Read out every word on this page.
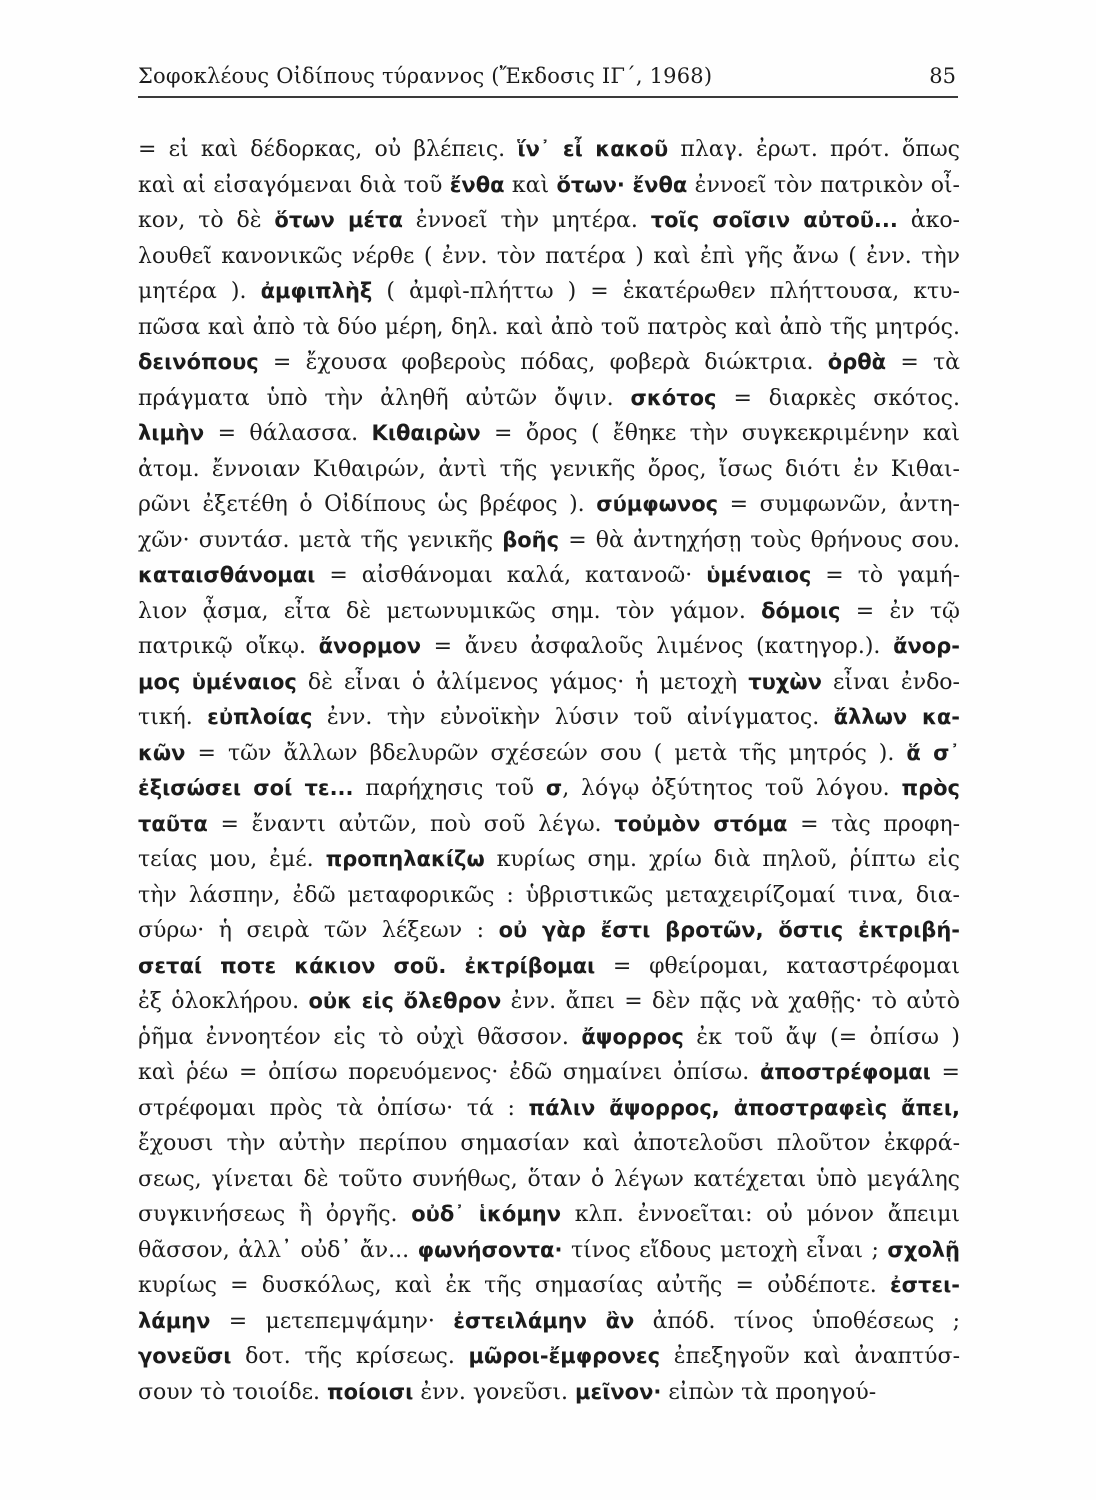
Σοφοκλέους Οἰδίπους τύραννος (Ἔκδοσις ΙΓ΄, 1968)	85
= εἰ καὶ δέδορκας, οὐ βλέπεις. ἵν᾽ εἶ κακοῦ πλαγ. ἐρωτ. πρότ. ὅπως
καὶ αἱ εἰσαγόμεναι διὰ τοῦ ἔνθα καὶ ὅτων· ἔνθα ἐννοεῖ τὸν πατρικὸν οἶ-
κον, τὸ δὲ ὅτων μέτα ἐννοεῖ τὴν μητέρα. τοῖς σοῖσιν αὐτοῦ... ἀκο-
λουθεῖ κανονικῶς νέρθε ( ἐνν. τὸν πατέρα ) καὶ ἐπὶ γῆς ἄνω ( ἐνν. τὴν
μητέρα ). ἀμφιπλὴξ ( ἀμφὶ-πλήττω ) = ἑκατέρωθεν πλήττουσα, κτυ-
πῶσα καὶ ἀπὸ τὰ δύο μέρη, δηλ. καὶ ἀπὸ τοῦ πατρὸς καὶ ἀπὸ τῆς μητρός.
δεινόπους = ἔχουσα φοβεροὺς πόδας, φοβερὰ διώκτρια. ὀρθὰ = τὰ
πράγματα ὑπὸ τὴν ἀληθῆ αὐτῶν ὄψιν. σκότος = διαρκὲς σκότος.
λιμὴν = θάλασσα. Κιθαιρὼν = ὄρος ( ἔθηκε τὴν συγκεκριμένην καὶ
ἀτομ. ἔννοιαν Κιθαιρών, ἀντὶ τῆς γενικῆς ὄρος, ἴσως διότι ἐν Κιθαι-
ρῶνι ἐξετέθη ὁ Οἰδίπους ὡς βρέφος ). σύμφωνος = συμφωνῶν, ἀντη-
χῶν· συντάσ. μετὰ τῆς γενικῆς βοῆς = θὰ ἀντηχήσῃ τοὺς θρήνους σου.
καταισθάνομαι = αἰσθάνομαι καλά, κατανοῶ· ὑμέναιος = τὸ γαμή-
λιον ᾆσμα, εἶτα δὲ μετωνυμικῶς σημ. τὸν γάμον. δόμοις = ἐν τῷ
πατρικῷ οἴκῳ. ἄνορμον = ἄνευ ἀσφαλοῦς λιμένος (κατηγορ.). ἄνορ-
μος ὑμέναιος δὲ εἶναι ὁ ἀλίμενος γάμος· ἡ μετοχὴ τυχὼν εἶναι ἐνδο-
τική. εὐπλοίας ἐνν. τὴν εὐνοϊκὴν λύσιν τοῦ αἰνίγματος. ἄλλων κα-
κῶν = τῶν ἄλλων βδελυρῶν σχέσεών σου ( μετὰ τῆς μητρός ). ἅ σ᾽
ἐξισώσει σοί τε... παρήχησις τοῦ σ, λόγῳ ὀξύτητος τοῦ λόγου. πρὸς
ταῦτα = ἔναντι αὐτῶν, ποὺ σοῦ λέγω. τοὐμὸν στόμα = τὰς προφη-
τείας μου, ἐμέ. προπηλακίζω κυρίως σημ. χρίω διὰ πηλοῦ, ῥίπτω εἰς
τὴν λάσπην, ἐδῶ μεταφορικῶς : ὑβριστικῶς μεταχειρίζομαί τινα, δια-
σύρω· ἡ σειρὰ τῶν λέξεων : οὐ γὰρ ἔστι βροτῶν, ὅστις ἐκτριβή-
σεταί ποτε κάκιον σοῦ. ἐκτρίβομαι = φθείρομαι, καταστρέφομαι
ἐξ ὁλοκλήρου. οὐκ εἰς ὄλεθρον ἐνν. ἄπει = δὲν πᾷς νὰ χαθῇς· τὸ αὐτὸ
ῥῆμα ἐννοητέον εἰς τὸ οὐχὶ θᾶσσον. ἄψορρος ἐκ τοῦ ἄψ (= ὀπίσω )
καὶ ῥέω = ὀπίσω πορευόμενος· ἐδῶ σημαίνει ὀπίσω. ἀποστρέφομαι =
στρέφομαι πρὸς τὰ ὀπίσω· τά : πάλιν ἄψορρος, ἀποστραφεὶς ἄπει,
ἔχουσι τὴν αὐτὴν περίπου σημασίαν καὶ ἀποτελοῦσι πλοῦτον ἐκφρά-
σεως, γίνεται δὲ τοῦτο συνήθως, ὅταν ὁ λέγων κατέχεται ὑπὸ μεγάλης
συγκινήσεως ἢ ὀργῆς. οὐδ᾽ ἱκόμην κλπ. ἐννοεῖται: οὐ μόνον ἄπειμι
θᾶσσον, ἀλλ᾽ οὐδ᾽ ἄν... φωνήσοντα· τίνος εἴδους μετοχὴ εἶναι ; σχολῇ
κυρίως = δυσκόλως, καὶ ἐκ τῆς σημασίας αὐτῆς = οὐδέποτε. ἐστει-
λάμην = μετεπεμψάμην· ἐστειλάμην ἂν ἀπόδ. τίνος ὑποθέσεως ;
γονεῦσι δοτ. τῆς κρίσεως. μῶροι-ἔμφρονες ἐπεξηγοῦν καὶ ἀναπτύσ-
σουν τὸ τοιοίδε. ποίοισι ἐνν. γονεῦσι. μεῖνον· εἰπὼν τὰ προηγού-
